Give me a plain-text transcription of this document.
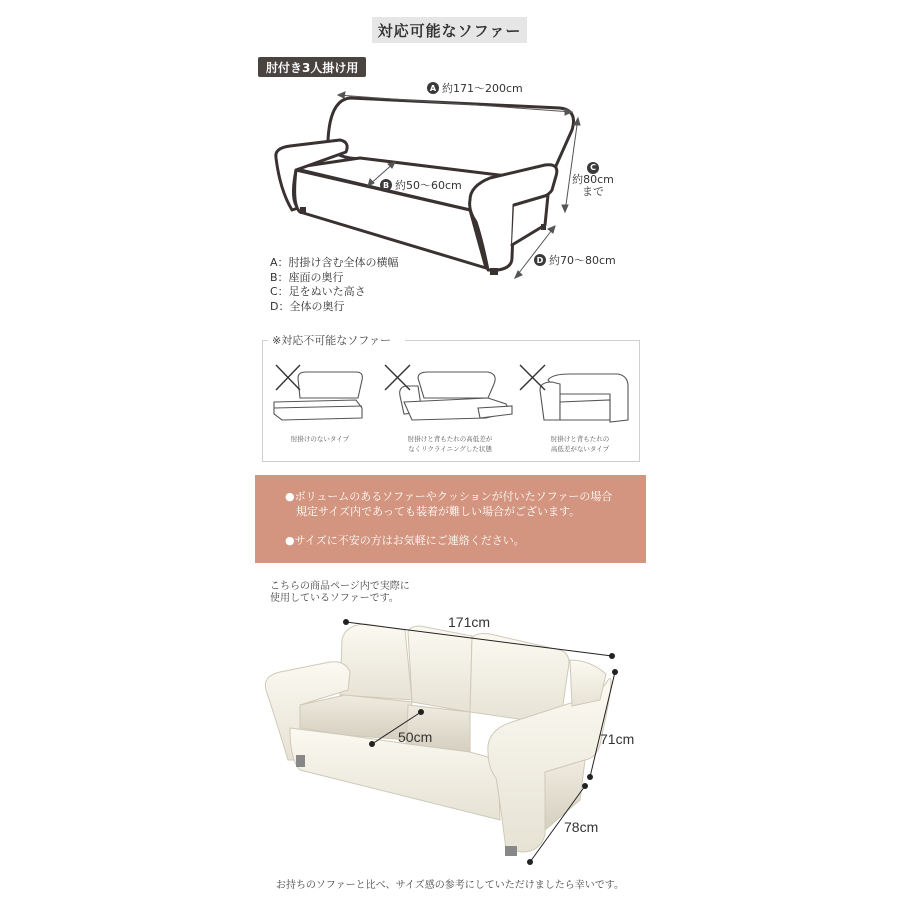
対応可能なソファー
肘付き3人掛け用
A 約171～200cm
B 約50～60cm
C
約80cm
まで
D 約70～80cm
A：肘掛け含む全体の横幅
B：座面の奥行
C：足をぬいた高さ
D：全体の奥行
※対応不可能なソファー
肘掛けのないタイプ	肘掛けと背もたれの高低差が
なくリクライニングした状態
肘掛けと背もたれの
高低差がないタイプ

●ボリュームのあるソファーやクッションが付いたソファーの場合

規定サイズ内であっても装着が難しい場合がございます。

●サイズに不安の方はお気軽にご連絡ください。

こちらの商品ページ内で実際に
使用しているソファーです。
171cm
50cm	71cm
78cm
お持ちのソファーと比べ、サイズ感の参考にしていただけましたら幸いです。
